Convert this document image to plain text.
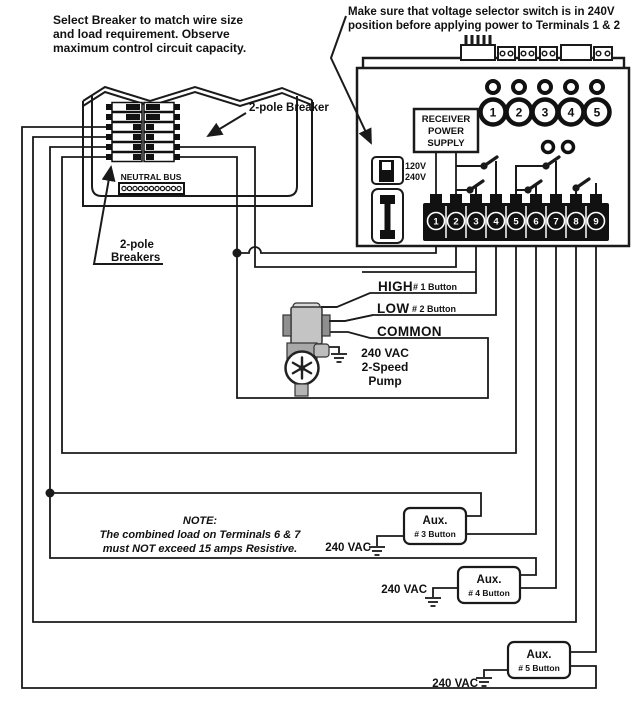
NEUTRAL BUS
1 2 3 4 5
RECEIVER
POWER
SUPPLY
120V
240V
1 2 3 4 5 6 7 8 9
Aux.
# 3 Button
240 VAC
Aux.
# 4 Button
240 VAC
Aux.
# 5 Button
240 VAC
Select Breaker to match wire size
and load requirement. Observe
maximum control circuit capacity.
Make sure that voltage selector switch is in 240V
position before applying power to Terminals 1 & 2
2-pole Breaker
2-pole
Breakers
HIGH # 1 Button
LOW # 2 Button
COMMON
240 VAC
2-Speed
Pump
NOTE:
The combined load on Terminals 6 & 7
must NOT exceed 15 amps Resistive.
